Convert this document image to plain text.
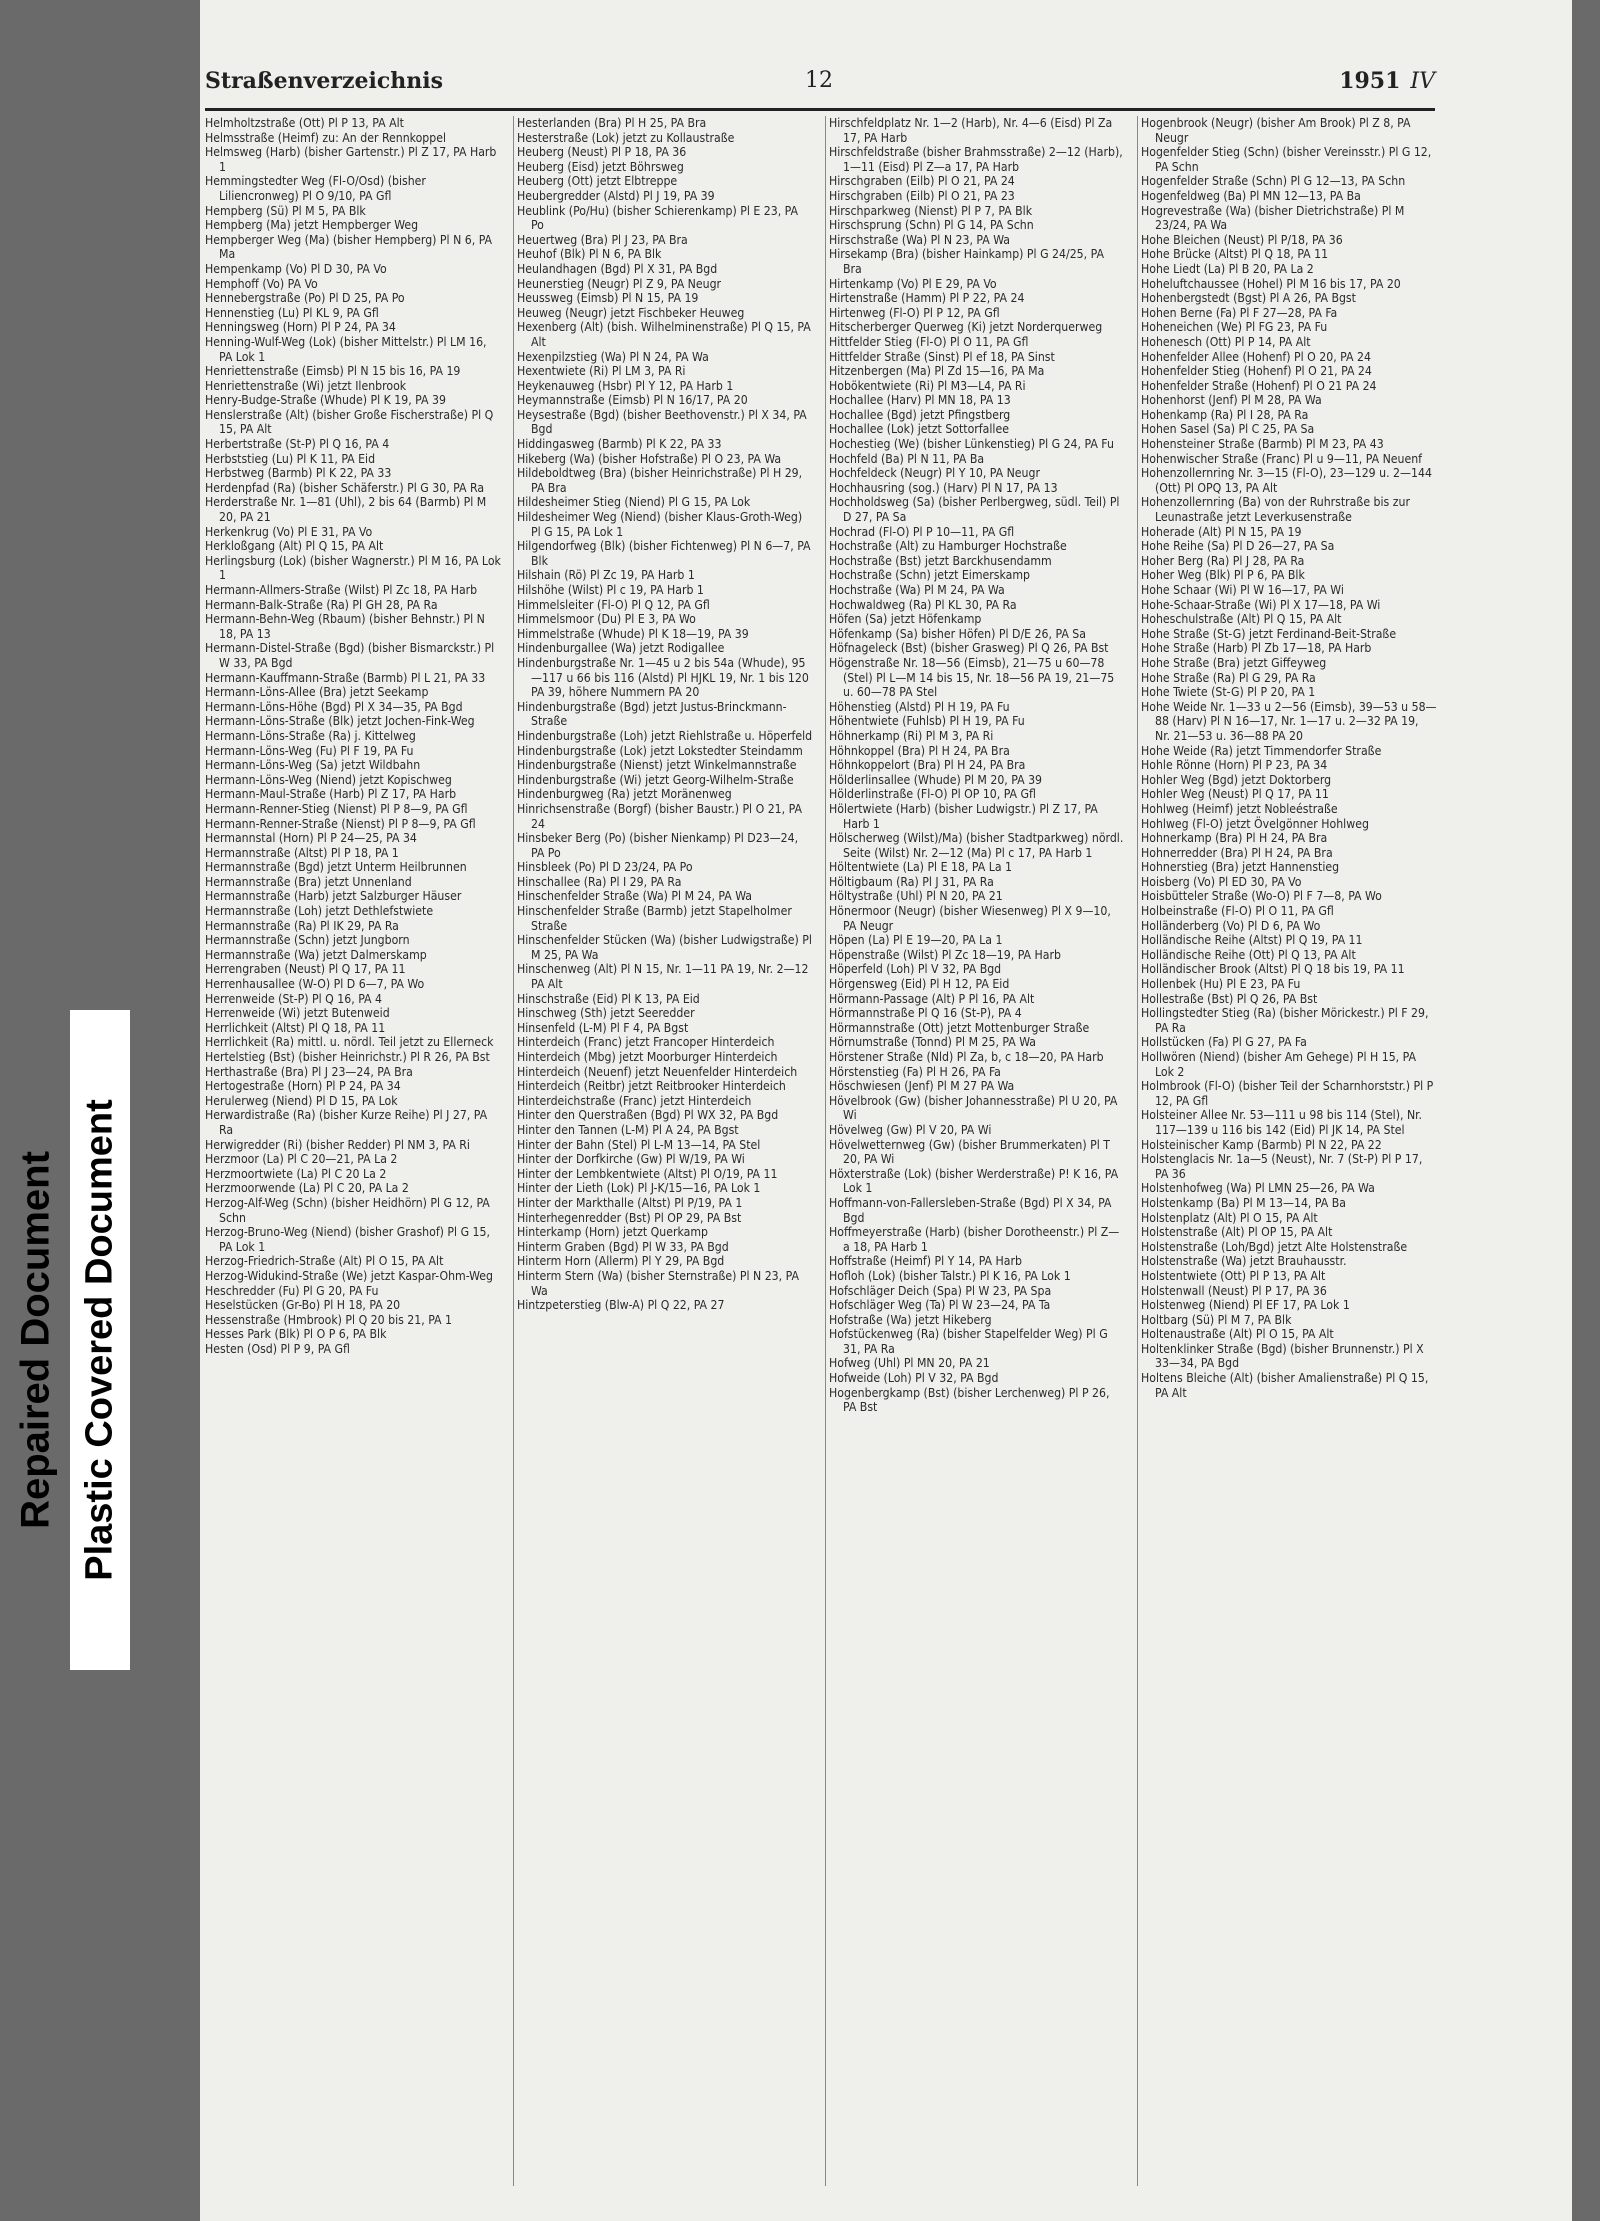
Repaired Document Plastic Covered Document
Straßenverzeichnis	12	1951 IV

Helmholtzstraße (Ott) Pl P 13, PA Alt

Helmsstraße (Heimf) zu: An der Rennkoppel

Helmsweg (Harb) (bisher Gartenstr.) Pl Z 17, PA Harb 1

Hemmingstedter Weg (Fl-O/Osd) (bisher Liliencronweg) Pl O 9/10, PA Gfl

Hempberg (Sü) Pl M 5, PA Blk

Hempberg (Ma) jetzt Hempberger Weg

Hempberger Weg (Ma) (bisher Hempberg) Pl N 6, PA Ma

Hempenkamp (Vo) Pl D 30, PA Vo

Hemphoff (Vo) PA Vo

Hennebergstraße (Po) Pl D 25, PA Po

Hennenstieg (Lu) Pl KL 9, PA Gfl

Henningsweg (Horn) Pl P 24, PA 34

Henning-Wulf-Weg (Lok) (bisher Mittelstr.) Pl LM 16, PA Lok 1

Henriettenstraße (Eimsb) Pl N 15 bis 16, PA 19

Henriettenstraße (Wi) jetzt Ilenbrook

Henry-Budge-Straße (Whude) Pl K 19, PA 39

Henslerstraße (Alt) (bisher Große Fischerstraße) Pl Q 15, PA Alt

Herbertstraße (St-P) Pl Q 16, PA 4

Herbststieg (Lu) Pl K 11, PA Eid

Herbstweg (Barmb) Pl K 22, PA 33

Herdenpfad (Ra) (bisher Schäferstr.) Pl G 30, PA Ra

Herderstraße Nr. 1—81 (Uhl), 2 bis 64 (Barmb) Pl M 20, PA 21

Herkenkrug (Vo) Pl E 31, PA Vo

Herkloßgang (Alt) Pl Q 15, PA Alt

Herlingsburg (Lok) (bisher Wagnerstr.) Pl M 16, PA Lok 1

Hermann-Allmers-Straße (Wilst) Pl Zc 18, PA Harb

Hermann-Balk-Straße (Ra) Pl GH 28, PA Ra

Hermann-Behn-Weg (Rbaum) (bisher Behnstr.) Pl N 18, PA 13

Hermann-Distel-Straße (Bgd) (bisher Bismarckstr.) Pl W 33, PA Bgd

Hermann-Kauffmann-Straße (Barmb) Pl L 21, PA 33

Hermann-Löns-Allee (Bra) jetzt Seekamp

Hermann-Löns-Höhe (Bgd) Pl X 34—35, PA Bgd

Hermann-Löns-Straße (Blk) jetzt Jochen-Fink-Weg

Hermann-Löns-Straße (Ra) j. Kittelweg

Hermann-Löns-Weg (Fu) Pl F 19, PA Fu

Hermann-Löns-Weg (Sa) jetzt Wildbahn

Hermann-Löns-Weg (Niend) jetzt Kopischweg

Hermann-Maul-Straße (Harb) Pl Z 17, PA Harb

Hermann-Renner-Stieg (Nienst) Pl P 8—9, PA Gfl

Hermann-Renner-Straße (Nienst) Pl P 8—9, PA Gfl

Hermannstal (Horn) Pl P 24—25, PA 34

Hermannstraße (Altst) Pl P 18, PA 1

Hermannstraße (Bgd) jetzt Unterm Heilbrunnen

Hermannstraße (Bra) jetzt Unnenland

Hermannstraße (Harb) jetzt Salzburger Häuser

Hermannstraße (Loh) jetzt Dethlefstwiete

Hermannstraße (Ra) Pl IK 29, PA Ra

Hermannstraße (Schn) jetzt Jungborn

Hermannstraße (Wa) jetzt Dalmerskamp

Herrengraben (Neust) Pl Q 17, PA 11

Herrenhausallee (W-O) Pl D 6—7, PA Wo

Herrenweide (St-P) Pl Q 16, PA 4

Herrenweide (Wi) jetzt Butenweid

Herrlichkeit (Altst) Pl Q 18, PA 11

Herrlichkeit (Ra) mittl. u. nördl. Teil jetzt zu Ellerneck

Hertelstieg (Bst) (bisher Heinrichstr.) Pl R 26, PA Bst

Herthastraße (Bra) Pl J 23—24, PA Bra

Hertogestraße (Horn) Pl P 24, PA 34

Herulerweg (Niend) Pl D 15, PA Lok

Herwardistraße (Ra) (bisher Kurze Reihe) Pl J 27, PA Ra

Herwigredder (Ri) (bisher Redder) Pl NM 3, PA Ri

Herzmoor (La) Pl C 20—21, PA La 2

Herzmoortwiete (La) Pl C 20 La 2

Herzmoorwende (La) Pl C 20, PA La 2

Herzog-Alf-Weg (Schn) (bisher Heidhörn) Pl G 12, PA Schn

Herzog-Bruno-Weg (Niend) (bisher Grashof) Pl G 15, PA Lok 1

Herzog-Friedrich-Straße (Alt) Pl O 15, PA Alt

Herzog-Widukind-Straße (We) jetzt Kaspar-Ohm-Weg

Heschredder (Fu) Pl G 20, PA Fu

Heselstücken (Gr-Bo) Pl H 18, PA 20

Hessenstraße (Hmbrook) Pl Q 20 bis 21, PA 1

Hesses Park (Blk) Pl O P 6, PA Blk

Hesten (Osd) Pl P 9, PA Gfl

Hesterlanden (Bra) Pl H 25, PA Bra

Hesterstraße (Lok) jetzt zu Kollaustraße

Heuberg (Neust) Pl P 18, PA 36

Heuberg (Eisd) jetzt Böhrsweg

Heuberg (Ott) jetzt Elbtreppe

Heubergredder (Alstd) Pl J 19, PA 39

Heublink (Po/Hu) (bisher Schierenkamp) Pl E 23, PA Po

Heuertweg (Bra) Pl J 23, PA Bra

Heuhof (Blk) Pl N 6, PA Blk

Heulandhagen (Bgd) Pl X 31, PA Bgd

Heunerstieg (Neugr) Pl Z 9, PA Neugr

Heussweg (Eimsb) Pl N 15, PA 19

Heuweg (Neugr) jetzt Fischbeker Heuweg

Hexenberg (Alt) (bish. Wilhelminenstraße) Pl Q 15, PA Alt

Hexenpilzstieg (Wa) Pl N 24, PA Wa

Hexentwiete (Ri) Pl LM 3, PA Ri

Heykenauweg (Hsbr) Pl Y 12, PA Harb 1

Heymannstraße (Eimsb) Pl N 16/17, PA 20

Heysestraße (Bgd) (bisher Beethovenstr.) Pl X 34, PA Bgd

Hiddingasweg (Barmb) Pl K 22, PA 33

Hikeberg (Wa) (bisher Hofstraße) Pl O 23, PA Wa

Hildeboldtweg (Bra) (bisher Heinrichstraße) Pl H 29, PA Bra

Hildesheimer Stieg (Niend) Pl G 15, PA Lok

Hildesheimer Weg (Niend) (bisher Klaus-Groth-Weg) Pl G 15, PA Lok 1

Hilgendorfweg (Blk) (bisher Fichtenweg) Pl N 6—7, PA Blk

Hilshain (Rö) Pl Zc 19, PA Harb 1

Hilshöhe (Wilst) Pl c 19, PA Harb 1

Himmelsleiter (Fl-O) Pl Q 12, PA Gfl

Himmelsmoor (Du) Pl E 3, PA Wo

Himmelstraße (Whude) Pl K 18—19, PA 39

Hindenburgallee (Wa) jetzt Rodigallee

Hindenburgstraße Nr. 1—45 u 2 bis 54a (Whude), 95—117 u 66 bis 116 (Alstd) Pl HJKL 19, Nr. 1 bis 120 PA 39, höhere Nummern PA 20

Hindenburgstraße (Bgd) jetzt Justus-Brinckmann-Straße

Hindenburgstraße (Loh) jetzt Riehlstraße u. Höperfeld

Hindenburgstraße (Lok) jetzt Lokstedter Steindamm

Hindenburgstraße (Nienst) jetzt Winkelmannstraße

Hindenburgstraße (Wi) jetzt Georg-Wilhelm-Straße

Hindenburgweg (Ra) jetzt Moränenweg

Hinrichsenstraße (Borgf) (bisher Baustr.) Pl O 21, PA 24

Hinsbeker Berg (Po) (bisher Nienkamp) Pl D23—24, PA Po

Hinsbleek (Po) Pl D 23/24, PA Po

Hinschallee (Ra) Pl I 29, PA Ra

Hinschenfelder Straße (Wa) Pl M 24, PA Wa

Hinschenfelder Straße (Barmb) jetzt Stapelholmer Straße

Hinschenfelder Stücken (Wa) (bisher Ludwigstraße) Pl M 25, PA Wa

Hinschenweg (Alt) Pl N 15, Nr. 1—11 PA 19, Nr. 2—12 PA Alt

Hinschstraße (Eid) Pl K 13, PA Eid

Hinschweg (Sth) jetzt Seeredder

Hinsenfeld (L-M) Pl F 4, PA Bgst

Hinterdeich (Franc) jetzt Francoper Hinterdeich

Hinterdeich (Mbg) jetzt Moorburger Hinterdeich

Hinterdeich (Neuenf) jetzt Neuenfelder Hinterdeich

Hinterdeich (Reitbr) jetzt Reitbrooker Hinterdeich

Hinterdeichstraße (Franc) jetzt Hinterdeich

Hinter den Querstraßen (Bgd) Pl WX 32, PA Bgd

Hinter den Tannen (L-M) Pl A 24, PA Bgst

Hinter der Bahn (Stel) Pl L-M 13—14, PA Stel

Hinter der Dorfkirche (Gw) Pl W/19, PA Wi

Hinter der Lembkentwiete (Altst) Pl O/19, PA 11

Hinter der Lieth (Lok) Pl J-K/15—16, PA Lok 1

Hinter der Markthalle (Altst) Pl P/19, PA 1

Hinterhegenredder (Bst) Pl OP 29, PA Bst

Hinterkamp (Horn) jetzt Querkamp

Hinterm Graben (Bgd) Pl W 33, PA Bgd

Hinterm Horn (Allerm) Pl Y 29, PA Bgd

Hinterm Stern (Wa) (bisher Sternstraße) Pl N 23, PA Wa

Hintzpeterstieg (Blw-A) Pl Q 22, PA 27

Hirschfeldplatz Nr. 1—2 (Harb), Nr. 4—6 (Eisd) Pl Za 17, PA Harb

Hirschfeldstraße (bisher Brahmsstraße) 2—12 (Harb), 1—11 (Eisd) Pl Z—a 17, PA Harb

Hirschgraben (Eilb) Pl O 21, PA 24

Hirschgraben (Eilb) Pl O 21, PA 23

Hirschparkweg (Nienst) Pl P 7, PA Blk

Hirschsprung (Schn) Pl G 14, PA Schn

Hirschstraße (Wa) Pl N 23, PA Wa

Hirsekamp (Bra) (bisher Hainkamp) Pl G 24/25, PA Bra

Hirtenkamp (Vo) Pl E 29, PA Vo

Hirtenstraße (Hamm) Pl P 22, PA 24

Hirtenweg (Fl-O) Pl P 12, PA Gfl

Hitscherberger Querweg (Ki) jetzt Norderquerweg

Hittfelder Stieg (Fl-O) Pl O 11, PA Gfl

Hittfelder Straße (Sinst) Pl ef 18, PA Sinst

Hitzenbergen (Ma) Pl Zd 15—16, PA Ma

Hobökentwiete (Ri) Pl M3—L4, PA Ri

Hochallee (Harv) Pl MN 18, PA 13

Hochallee (Bgd) jetzt Pfingstberg

Hochallee (Lok) jetzt Sottorfallee

Hochestieg (We) (bisher Lünkenstieg) Pl G 24, PA Fu

Hochfeld (Ba) Pl N 11, PA Ba

Hochfeldeck (Neugr) Pl Y 10, PA Neugr

Hochhausring (sog.) (Harv) Pl N 17, PA 13

Hochholdsweg (Sa) (bisher Perlbergweg, südl. Teil) Pl D 27, PA Sa

Hochrad (Fl-O) Pl P 10—11, PA Gfl

Hochstraße (Alt) zu Hamburger Hochstraße

Hochstraße (Bst) jetzt Barckhusendamm

Hochstraße (Schn) jetzt Eimerskamp

Hochstraße (Wa) Pl M 24, PA Wa

Hochwaldweg (Ra) Pl KL 30, PA Ra

Höfen (Sa) jetzt Höfenkamp

Höfenkamp (Sa) bisher Höfen) Pl D/E 26, PA Sa

Höfnageleck (Bst) (bisher Grasweg) Pl Q 26, PA Bst

Högenstraße Nr. 18—56 (Eimsb), 21—75 u 60—78 (Stel) Pl L—M 14 bis 15, Nr. 18—56 PA 19, 21—75 u. 60—78 PA Stel

Höhenstieg (Alstd) Pl H 19, PA Fu

Höhentwiete (Fuhlsb) Pl H 19, PA Fu

Höhnerkamp (Ri) Pl M 3, PA Ri

Höhnkoppel (Bra) Pl H 24, PA Bra

Höhnkoppelort (Bra) Pl H 24, PA Bra

Hölderlinsallee (Whude) Pl M 20, PA 39

Hölderlinstraße (Fl-O) Pl OP 10, PA Gfl

Hölertwiete (Harb) (bisher Ludwigstr.) Pl Z 17, PA Harb 1

Hölscherweg (Wilst)/Ma) (bisher Stadtparkweg) nördl. Seite (Wilst) Nr. 2—12 (Ma) Pl c 17, PA Harb 1

Höltentwiete (La) Pl E 18, PA La 1

Höltigbaum (Ra) Pl J 31, PA Ra

Höltystraße (Uhl) Pl N 20, PA 21

Hönermoor (Neugr) (bisher Wiesenweg) Pl X 9—10, PA Neugr

Höpen (La) Pl E 19—20, PA La 1

Höpenstraße (Wilst) Pl Zc 18—19, PA Harb

Höperfeld (Loh) Pl V 32, PA Bgd

Hörgensweg (Eid) Pl H 12, PA Eid

Hörmann-Passage (Alt) P Pl 16, PA Alt

Hörmannstraße Pl Q 16 (St-P), PA 4

Hörmannstraße (Ott) jetzt Mottenburger Straße

Hörnumstraße (Tonnd) Pl M 25, PA Wa

Hörstener Straße (Nld) Pl Za, b, c 18—20, PA Harb

Hörstenstieg (Fa) Pl H 26, PA Fa

Höschwiesen (Jenf) Pl M 27 PA Wa

Hövelbrook (Gw) (bisher Johannesstraße) Pl U 20, PA Wi

Hövelweg (Gw) Pl V 20, PA Wi

Hövelwetternweg (Gw) (bisher Brummerkaten) Pl T 20, PA Wi

Höxterstraße (Lok) (bisher Werderstraße) P! K 16, PA Lok 1

Hoffmann-von-Fallersleben-Straße (Bgd) Pl X 34, PA Bgd

Hoffmeyerstraße (Harb) (bisher Dorotheenstr.) Pl Z—a 18, PA Harb 1

Hoffstraße (Heimf) Pl Y 14, PA Harb

Hofloh (Lok) (bisher Talstr.) Pl K 16, PA Lok 1

Hofschläger Deich (Spa) Pl W 23, PA Spa

Hofschläger Weg (Ta) Pl W 23—24, PA Ta

Hofstraße (Wa) jetzt Hikeberg

Hofstückenweg (Ra) (bisher Stapelfelder Weg) Pl G 31, PA Ra

Hofweg (Uhl) Pl MN 20, PA 21

Hofweide (Loh) Pl V 32, PA Bgd

Hogenbergkamp (Bst) (bisher Lerchenweg) Pl P 26, PA Bst

Hogenbrook (Neugr) (bisher Am Brook) Pl Z 8, PA Neugr

Hogenfelder Stieg (Schn) (bisher Vereinsstr.) Pl G 12, PA Schn

Hogenfelder Straße (Schn) Pl G 12—13, PA Schn

Hogenfeldweg (Ba) Pl MN 12—13, PA Ba

Hogrevestraße (Wa) (bisher Dietrichstraße) Pl M 23/24, PA Wa

Hohe Bleichen (Neust) Pl P/18, PA 36

Hohe Brücke (Altst) Pl Q 18, PA 11

Hohe Liedt (La) Pl B 20, PA La 2

Hoheluftchaussee (Hohel) Pl M 16 bis 17, PA 20

Hohenbergstedt (Bgst) Pl A 26, PA Bgst

Hohen Berne (Fa) Pl F 27—28, PA Fa

Hoheneichen (We) Pl FG 23, PA Fu

Hohenesch (Ott) Pl P 14, PA Alt

Hohenfelder Allee (Hohenf) Pl O 20, PA 24

Hohenfelder Stieg (Hohenf) Pl O 21, PA 24

Hohenfelder Straße (Hohenf) Pl O 21 PA 24

Hohenhorst (Jenf) Pl M 28, PA Wa

Hohenkamp (Ra) Pl I 28, PA Ra

Hohen Sasel (Sa) Pl C 25, PA Sa

Hohensteiner Straße (Barmb) Pl M 23, PA 43

Hohenwischer Straße (Franc) Pl u 9—11, PA Neuenf

Hohenzollernring Nr. 3—15 (Fl-O), 23—129 u. 2—144 (Ott) Pl OPQ 13, PA Alt

Hohenzollernring (Ba) von der Ruhrstraße bis zur Leunastraße jetzt Leverkusenstraße

Hoherade (Alt) Pl N 15, PA 19

Hohe Reihe (Sa) Pl D 26—27, PA Sa

Hoher Berg (Ra) Pl J 28, PA Ra

Hoher Weg (Blk) Pl P 6, PA Blk

Hohe Schaar (Wi) Pl W 16—17, PA Wi

Hohe-Schaar-Straße (Wi) Pl X 17—18, PA Wi

Hoheschulstraße (Alt) Pl Q 15, PA Alt

Hohe Straße (St-G) jetzt Ferdinand-Beit-Straße

Hohe Straße (Harb) Pl Zb 17—18, PA Harb

Hohe Straße (Bra) jetzt Giffeyweg

Hohe Straße (Ra) Pl G 29, PA Ra

Hohe Twiete (St-G) Pl P 20, PA 1

Hohe Weide Nr. 1—33 u 2—56 (Eimsb), 39—53 u 58—88 (Harv) Pl N 16—17, Nr. 1—17 u. 2—32 PA 19, Nr. 21—53 u. 36—88 PA 20

Hohe Weide (Ra) jetzt Timmendorfer Straße

Hohle Rönne (Horn) Pl P 23, PA 34

Hohler Weg (Bgd) jetzt Doktorberg

Hohler Weg (Neust) Pl Q 17, PA 11

Hohlweg (Heimf) jetzt Nobleéstraße

Hohlweg (Fl-O) jetzt Övelgönner Hohlweg

Hohnerkamp (Bra) Pl H 24, PA Bra

Hohnerredder (Bra) Pl H 24, PA Bra

Hohnerstieg (Bra) jetzt Hannenstieg

Hoisberg (Vo) Pl ED 30, PA Vo

Hoisbütteler Straße (Wo-O) Pl F 7—8, PA Wo

Holbeinstraße (Fl-O) Pl O 11, PA Gfl

Holländerberg (Vo) Pl D 6, PA Wo

Holländische Reihe (Altst) Pl Q 19, PA 11

Holländische Reihe (Ott) Pl Q 13, PA Alt

Holländischer Brook (Altst) Pl Q 18 bis 19, PA 11

Hollenbek (Hu) Pl E 23, PA Fu

Hollestraße (Bst) Pl Q 26, PA Bst

Hollingstedter Stieg (Ra) (bisher Mörickestr.) Pl F 29, PA Ra

Hollstücken (Fa) Pl G 27, PA Fa

Hollwören (Niend) (bisher Am Gehege) Pl H 15, PA Lok 2

Holmbrook (Fl-O) (bisher Teil der Scharnhorststr.) Pl P 12, PA Gfl

Holsteiner Allee Nr. 53—111 u 98 bis 114 (Stel), Nr. 117—139 u 116 bis 142 (Eid) Pl JK 14, PA Stel

Holsteinischer Kamp (Barmb) Pl N 22, PA 22

Holstenglacis Nr. 1a—5 (Neust), Nr. 7 (St-P) Pl P 17, PA 36

Holstenhofweg (Wa) Pl LMN 25—26, PA Wa

Holstenkamp (Ba) Pl M 13—14, PA Ba

Holstenplatz (Alt) Pl O 15, PA Alt

Holstenstraße (Alt) Pl OP 15, PA Alt

Holstenstraße (Loh/Bgd) jetzt Alte Holstenstraße

Holstenstraße (Wa) jetzt Brauhausstr.

Holstentwiete (Ott) Pl P 13, PA Alt

Holstenwall (Neust) Pl P 17, PA 36

Holstenweg (Niend) Pl EF 17, PA Lok 1

Holtbarg (Sü) Pl M 7, PA Blk

Holtenaustraße (Alt) Pl O 15, PA Alt

Holtenklinker Straße (Bgd) (bisher Brunnenstr.) Pl X 33—34, PA Bgd

Holtens Bleiche (Alt) (bisher Amalienstraße) Pl Q 15, PA Alt
